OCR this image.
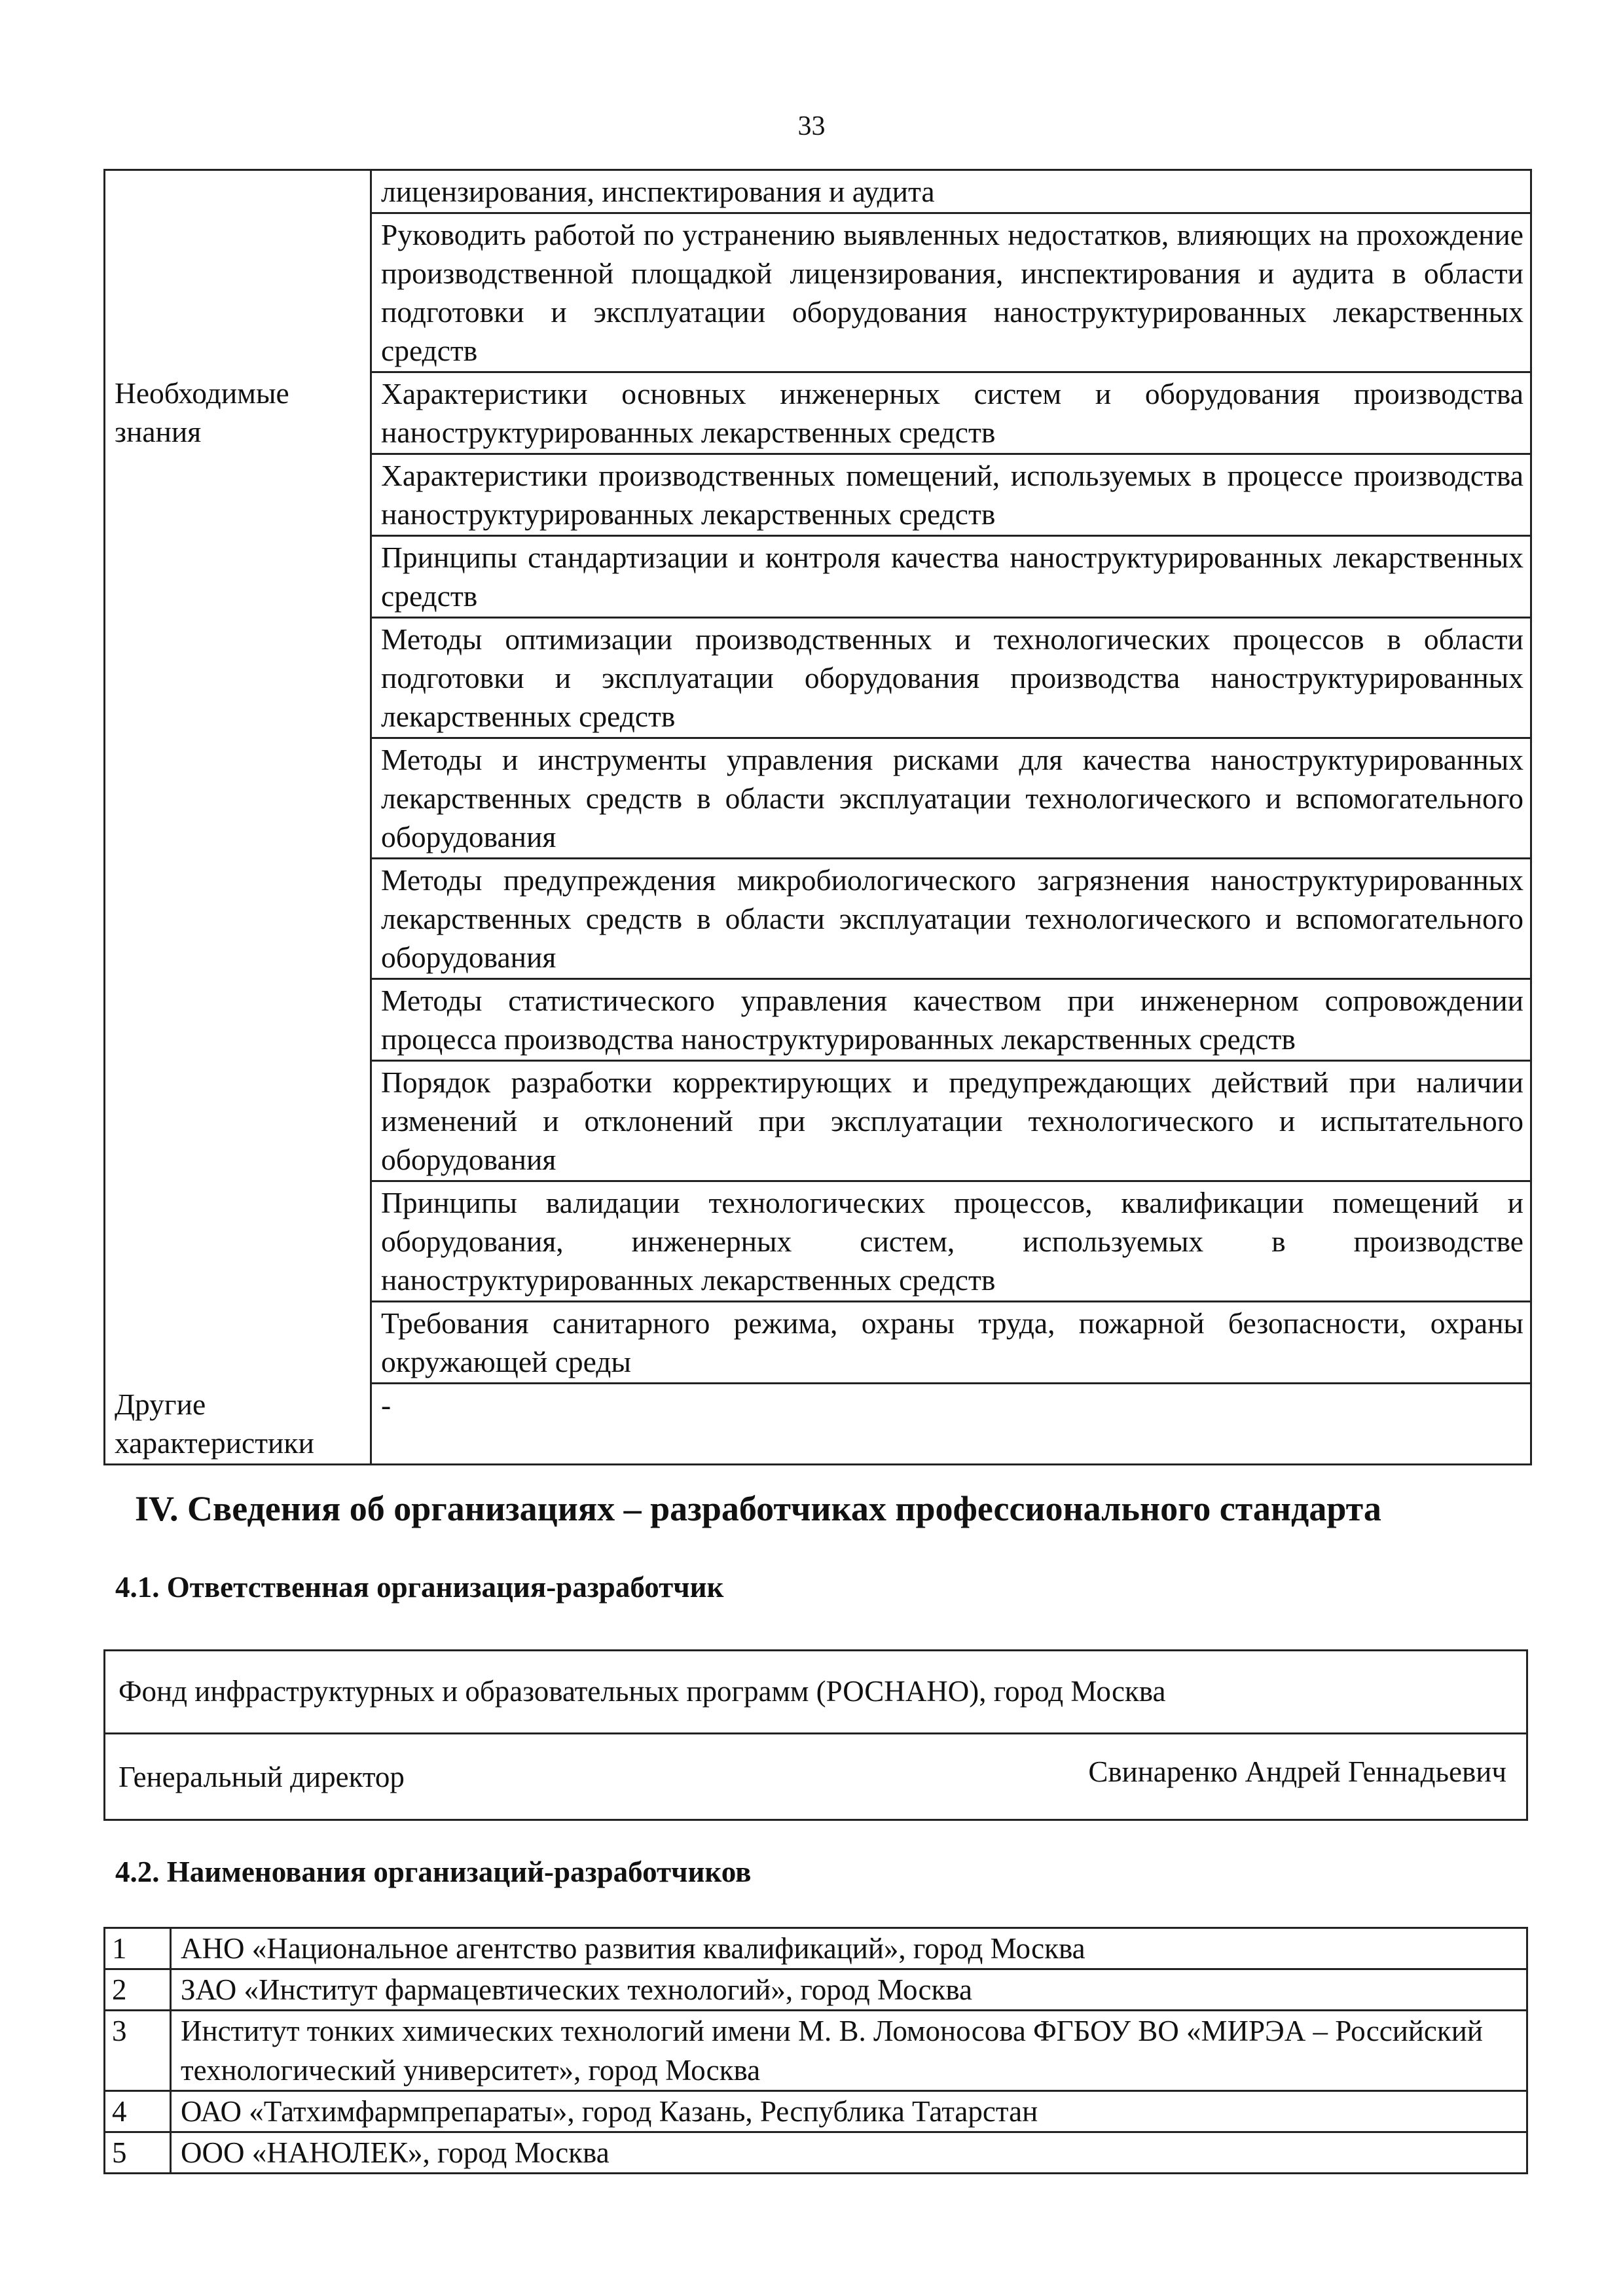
33
	лицензирования, инспектирования и аудита
	Руководить работой по устранению выявленных недостатков, влияющих на прохождение производственной площадкой лицензирования, инспектирования и аудита в области подготовки и эксплуатации оборудования наноструктурированных лекарственных средств
Необходимые знания	Характеристики основных инженерных систем и оборудования производства наноструктурированных лекарственных средств
	Характеристики производственных помещений, используемых в процессе производства наноструктурированных лекарственных средств
	Принципы стандартизации и контроля качества наноструктурированных лекарственных средств
	Методы оптимизации производственных и технологических процессов в области подготовки и эксплуатации оборудования производства наноструктурированных лекарственных средств
	Методы и инструменты управления рисками для качества наноструктурированных лекарственных средств в области эксплуатации технологического и вспомогательного оборудования
	Методы предупреждения микробиологического загрязнения наноструктурированных лекарственных средств в области эксплуатации технологического и вспомогательного оборудования
	Методы статистического управления качеством при инженерном сопровождении процесса производства наноструктурированных лекарственных средств
	Порядок разработки корректирующих и предупреждающих действий при наличии изменений и отклонений при эксплуатации технологического и испытательного оборудования
	Принципы валидации технологических процессов, квалификации помещений и оборудования, инженерных систем, используемых в производстве наноструктурированных лекарственных средств
	Требования санитарного режима, охраны труда, пожарной безопасности, охраны окружающей среды
Другие характеристики	-
IV. Сведения об организациях – разработчиках профессионального стандарта
4.1. Ответственная организация-разработчик
Фонд инфраструктурных и образовательных программ (РОСНАНО), город Москва
Генеральный директор	Свинаренко Андрей Геннадьевич
4.2. Наименования организаций-разработчиков
1	АНО «Национальное агентство развития квалификаций», город Москва
2	ЗАО «Институт фармацевтических технологий», город Москва
3	Институт тонких химических технологий имени М. В. Ломоносова ФГБОУ ВО «МИРЭА – Российский технологический университет», город Москва
4	ОАО «Татхимфармпрепараты», город Казань, Республика Татарстан
5	ООО «НАНОЛЕК», город Москва
